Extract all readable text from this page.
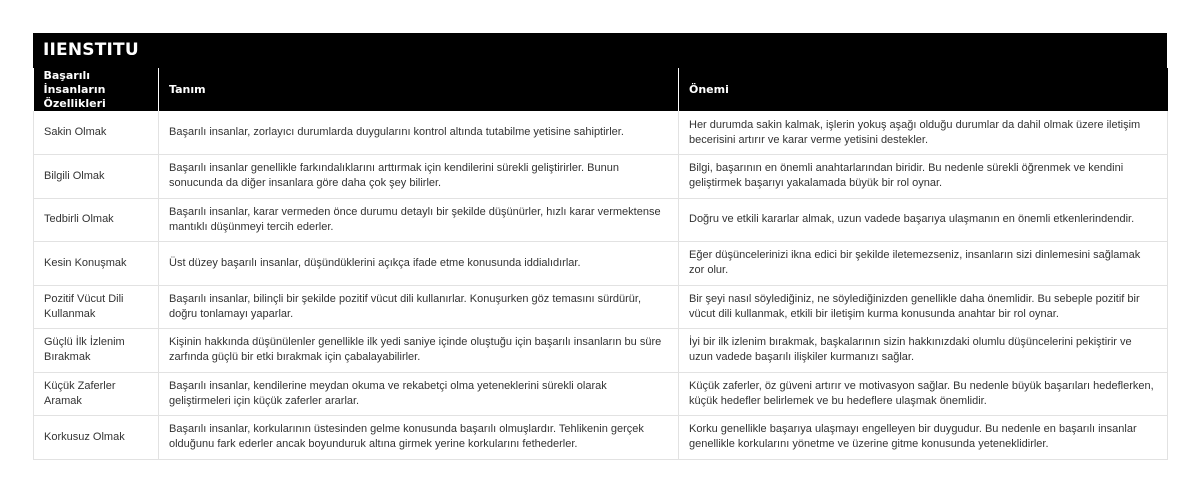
IIENSTITU
Başarılı İnsanların Özellikleri	Tanım	Önemi
Sakin Olmak	Başarılı insanlar, zorlayıcı durumlarda duygularını kontrol altında tutabilme yetisine sahiptirler.	Her durumda sakin kalmak, işlerin yokuş aşağı olduğu durumlar da dahil olmak üzere iletişim becerisini artırır ve karar verme yetisini destekler.
Bilgili Olmak	Başarılı insanlar genellikle farkındalıklarını arttırmak için kendilerini sürekli geliştirirler. Bunun sonucunda da diğer insanlara göre daha çok şey bilirler.	Bilgi, başarının en önemli anahtarlarından biridir. Bu nedenle sürekli öğrenmek ve kendini geliştirmek başarıyı yakalamada büyük bir rol oynar.
Tedbirli Olmak	Başarılı insanlar, karar vermeden önce durumu detaylı bir şekilde düşünürler, hızlı karar vermektense mantıklı düşünmeyi tercih ederler.	Doğru ve etkili kararlar almak, uzun vadede başarıya ulaşmanın en önemli etkenlerindendir.
Kesin Konuşmak	Üst düzey başarılı insanlar, düşündüklerini açıkça ifade etme konusunda iddialıdırlar.	Eğer düşüncelerinizi ikna edici bir şekilde iletemezseniz, insanların sizi dinlemesini sağlamak zor olur.
Pozitif Vücut Dili Kullanmak	Başarılı insanlar, bilinçli bir şekilde pozitif vücut dili kullanırlar. Konuşurken göz temasını sürdürür, doğru tonlamayı yaparlar.	Bir şeyi nasıl söylediğiniz, ne söylediğinizden genellikle daha önemlidir. Bu sebeple pozitif bir vücut dili kullanmak, etkili bir iletişim kurma konusunda anahtar bir rol oynar.
Güçlü İlk İzlenim Bırakmak	Kişinin hakkında düşünülenler genellikle ilk yedi saniye içinde oluştuğu için başarılı insanların bu süre zarfında güçlü bir etki bırakmak için çabalayabilirler.	İyi bir ilk izlenim bırakmak, başkalarının sizin hakkınızdaki olumlu düşüncelerini pekiştirir ve uzun vadede başarılı ilişkiler kurmanızı sağlar.
Küçük Zaferler Aramak	Başarılı insanlar, kendilerine meydan okuma ve rekabetçi olma yeteneklerini sürekli olarak geliştirmeleri için küçük zaferler ararlar.	Küçük zaferler, öz güveni artırır ve motivasyon sağlar. Bu nedenle büyük başarıları hedeflerken, küçük hedefler belirlemek ve bu hedeflere ulaşmak önemlidir.
Korkusuz Olmak	Başarılı insanlar, korkularının üstesinden gelme konusunda başarılı olmuşlardır. Tehlikenin gerçek olduğunu fark ederler ancak boyunduruk altına girmek yerine korkularını fethederler.	Korku genellikle başarıya ulaşmayı engelleyen bir duygudur. Bu nedenle en başarılı insanlar genellikle korkularını yönetme ve üzerine gitme konusunda yeteneklidirler.
